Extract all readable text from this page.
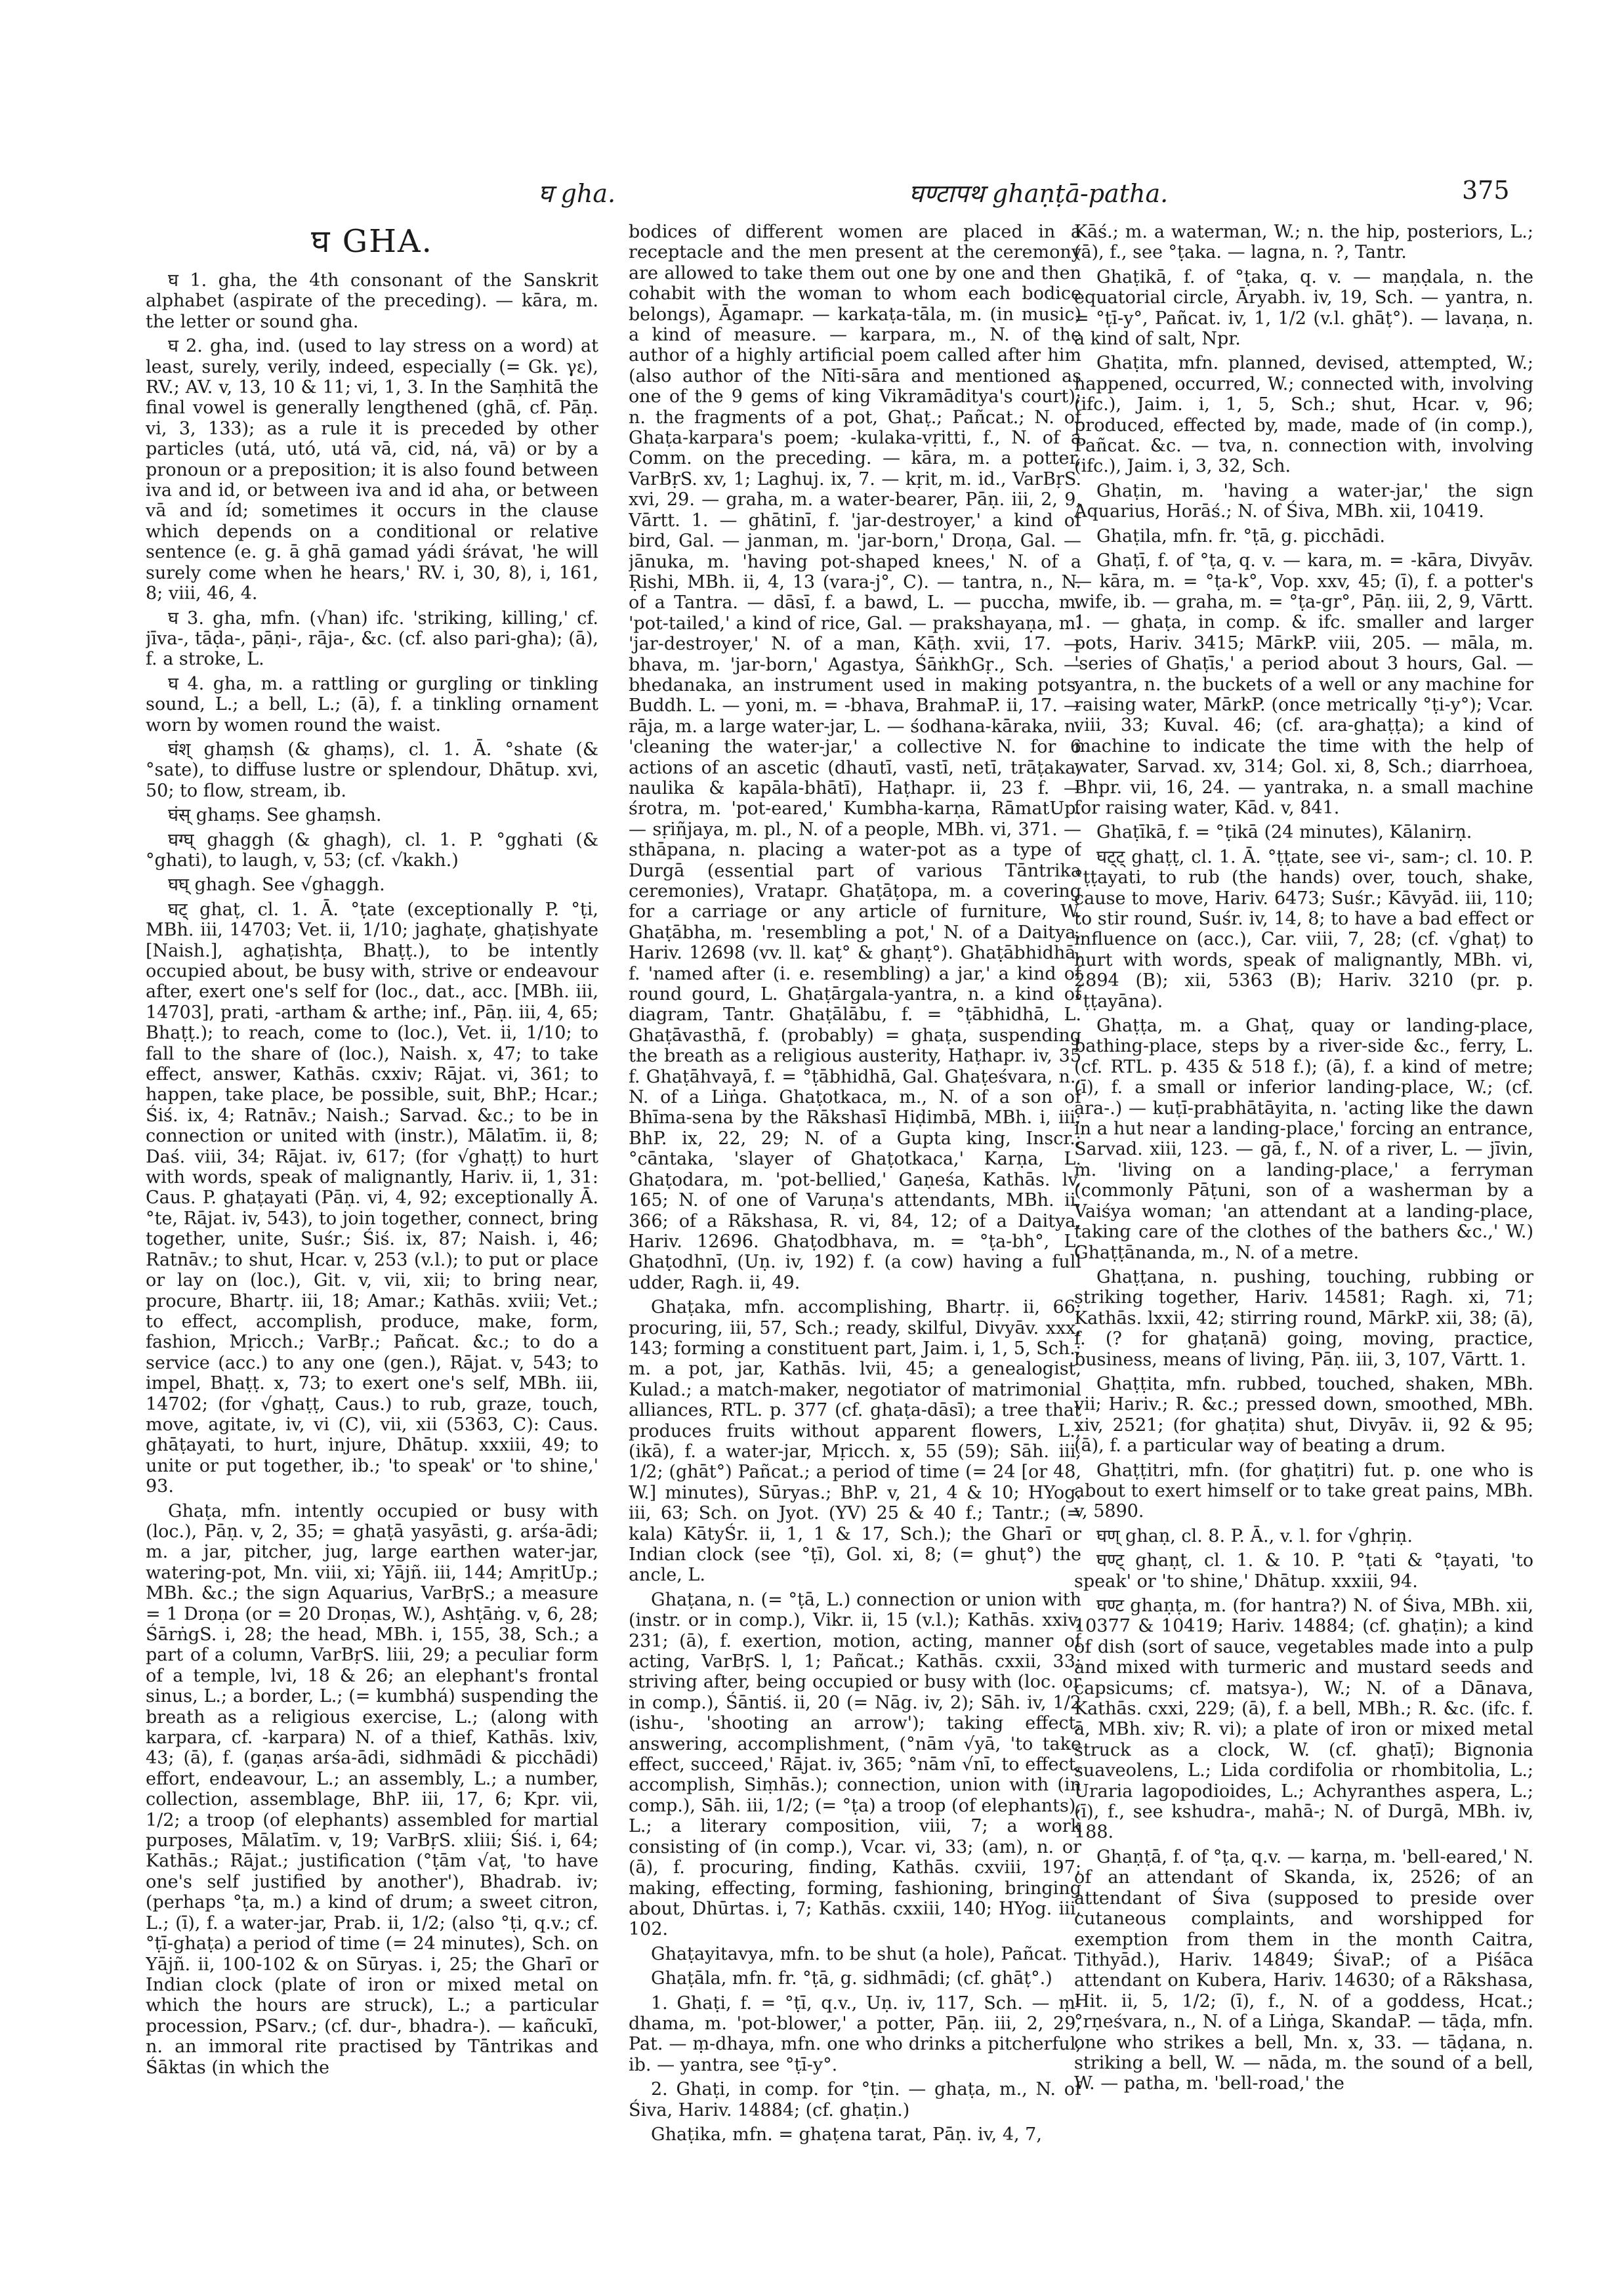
घ gha.	घण्टापथ ghaṇṭā-patha.	375
घ GHA.

घ 1. gha, the 4th consonant of the Sanskrit alphabet (aspirate of the preceding). — kāra, m. the letter or sound gha.

घ 2. gha, ind. (used to lay stress on a word) at least, surely, verily, indeed, especially (= Gk. γε), RV.; AV. v, 13, 10 & 11; vi, 1, 3. In the Saṃhitā the final vowel is generally lengthened (ghā, cf. Pāṇ. vi, 3, 133); as a rule it is preceded by other particles (utá, utó, utá vā, cid, ná, vā) or by a pronoun or a preposition; it is also found between iva and id, or between iva and id aha, or between vā and íd; sometimes it occurs in the clause which depends on a conditional or relative sentence (e. g. ā ghā gamad yádi śrávat, 'he will surely come when he hears,' RV. i, 30, 8), i, 161, 8; viii, 46, 4.

घ 3. gha, mfn. (√han) ifc. 'striking, killing,' cf. jīva-, tāḍa-, pāṇi-, rāja-, &c. (cf. also pari-gha); (ā), f. a stroke, L.

घ 4. gha, m. a rattling or gurgling or tinkling sound, L.; a bell, L.; (ā), f. a tinkling ornament worn by women round the waist.

घंश् ghaṃsh (& ghaṃs), cl. 1. Ā. °shate (& °sate), to diffuse lustre or splendour, Dhātup. xvi, 50; to flow, stream, ib.

घंस् ghaṃs. See ghaṃsh.

घग्घ् ghaggh (& ghagh), cl. 1. P. °gghati (& °ghati), to laugh, v, 53; (cf. √kakh.)

घघ् ghagh. See √ghaggh.

घट् ghaṭ, cl. 1. Ā. °ṭate (exceptionally P. °ṭi, MBh. iii, 14703; Vet. ii, 1/10; jaghaṭe, ghaṭishyate [Naish.], aghaṭishṭa, Bhaṭṭ.), to be intently occupied about, be busy with, strive or endeavour after, exert one's self for (loc., dat., acc. [MBh. iii, 14703], prati, -artham & arthe; inf., Pāṇ. iii, 4, 65; Bhaṭṭ.); to reach, come to (loc.), Vet. ii, 1/10; to fall to the share of (loc.), Naish. x, 47; to take effect, answer, Kathās. cxxiv; Rājat. vi, 361; to happen, take place, be possible, suit, BhP.; Hcar.; Śiś. ix, 4; Ratnāv.; Naish.; Sarvad. &c.; to be in connection or united with (instr.), Mālatīm. ii, 8; Daś. viii, 34; Rājat. iv, 617; (for √ghaṭṭ) to hurt with words, speak of malignantly, Hariv. ii, 1, 31: Caus. P. ghaṭayati (Pāṇ. vi, 4, 92; exceptionally Ā. °te, Rājat. iv, 543), to join together, connect, bring together, unite, Suśr.; Śiś. ix, 87; Naish. i, 46; Ratnāv.; to shut, Hcar. v, 253 (v.l.); to put or place or lay on (loc.), Git. v, vii, xii; to bring near, procure, Bhartṛ. iii, 18; Amar.; Kathās. xviii; Vet.; to effect, accomplish, produce, make, form, fashion, Mṛicch.; VarBṛ.; Pañcat. &c.; to do a service (acc.) to any one (gen.), Rājat. v, 543; to impel, Bhaṭṭ. x, 73; to exert one's self, MBh. iii, 14702; (for √ghaṭṭ, Caus.) to rub, graze, touch, move, agitate, iv, vi (C), vii, xii (5363, C): Caus. ghāṭayati, to hurt, injure, Dhātup. xxxiii, 49; to unite or put together, ib.; 'to speak' or 'to shine,' 93.

Ghaṭa, mfn. intently occupied or busy with (loc.), Pāṇ. v, 2, 35; = ghaṭā yasyāsti, g. arśa-ādi; m. a jar, pitcher, jug, large earthen water-jar, watering-pot, Mn. viii, xi; Yājñ. iii, 144; AmṛitUp.; MBh. &c.; the sign Aquarius, VarBṛS.; a measure = 1 Droṇa (or = 20 Droṇas, W.), Ashṭāṅg. v, 6, 28; ŚārṅgS. i, 28; the head, MBh. i, 155, 38, Sch.; a part of a column, VarBṛS. liii, 29; a peculiar form of a temple, lvi, 18 & 26; an elephant's frontal sinus, L.; a border, L.; (= kumbhá) suspending the breath as a religious exercise, L.; (along with karpara, cf. -karpara) N. of a thief, Kathās. lxiv, 43; (ā), f. (gaṇas arśa-ādi, sidhmādi & picchādi) effort, endeavour, L.; an assembly, L.; a number, collection, assemblage, BhP. iii, 17, 6; Kpr. vii, 1/2; a troop (of elephants) assembled for martial purposes, Mālatīm. v, 19; VarBṛS. xliii; Śiś. i, 64; Kathās.; Rājat.; justification (°ṭām √aṭ, 'to have one's self justified by another'), Bhadrab. iv; (perhaps °ṭa, m.) a kind of drum; a sweet citron, L.; (ī), f. a water-jar, Prab. ii, 1/2; (also °ṭi, q.v.; cf. °ṭī-ghaṭa) a period of time (= 24 minutes), Sch. on Yājñ. ii, 100-102 & on Sūryas. i, 25; the Gharī or Indian clock (plate of iron or mixed metal on which the hours are struck), L.; a particular procession, PSarv.; (cf. dur-, bhadra-). — kañcukī, n. an immoral rite practised by Tāntrikas and Śāktas (in which the

bodices of different women are placed in a receptacle and the men present at the ceremony are allowed to take them out one by one and then cohabit with the woman to whom each bodice belongs), Āgamapr. — karkaṭa-tāla, m. (in music) a kind of measure. — karpara, m., N. of the author of a highly artificial poem called after him (also author of the Nīti-sāra and mentioned as one of the 9 gems of king Vikramāditya's court); n. the fragments of a pot, Ghaṭ.; Pañcat.; N. of Ghaṭa-karpara's poem; -kulaka-vṛitti, f., N. of a Comm. on the preceding. — kāra, m. a potter, VarBṛS. xv, 1; Laghuj. ix, 7. — kṛit, m. id., VarBṛS. xvi, 29. — graha, m. a water-bearer, Pāṇ. iii, 2, 9, Vārtt. 1. — ghātinī, f. 'jar-destroyer,' a kind of bird, Gal. — janman, m. 'jar-born,' Droṇa, Gal. — jānuka, m. 'having pot-shaped knees,' N. of a Ṛishi, MBh. ii, 4, 13 (vara-j°, C). — tantra, n., N. of a Tantra. — dāsī, f. a bawd, L. — puccha, m. 'pot-tailed,' a kind of rice, Gal. — prakshayaṇa, m. 'jar-destroyer,' N. of a man, Kāṭh. xvii, 17. — bhava, m. 'jar-born,' Agastya, ŚāṅkhGṛ., Sch. — bhedanaka, an instrument used in making pots, Buddh. L. — yoni, m. = -bhava, BrahmaP. ii, 17. — rāja, m. a large water-jar, L. — śodhana-kāraka, n. 'cleaning the water-jar,' a collective N. for 6 actions of an ascetic (dhautī, vastī, netī, trāṭaka, naulika & kapāla-bhātī), Haṭhapr. ii, 23 f. — śrotra, m. 'pot-eared,' Kumbha-karṇa, RāmatUp. — sṛiñjaya, m. pl., N. of a people, MBh. vi, 371. — sthāpana, n. placing a water-pot as a type of Durgā (essential part of various Tāntrika ceremonies), Vratapr. Ghaṭāṭopa, m. a covering for a carriage or any article of furniture, W. Ghaṭābha, m. 'resembling a pot,' N. of a Daitya, Hariv. 12698 (vv. ll. kaṭ° & ghaṇṭ°). Ghaṭābhidhā, f. 'named after (i. e. resembling) a jar,' a kind of round gourd, L. Ghaṭārgala-yantra, n. a kind of diagram, Tantr. Ghaṭālābu, f. = °ṭābhidhā, L. Ghaṭāvasthā, f. (probably) = ghaṭa, suspending the breath as a religious austerity, Haṭhapr. iv, 35 f. Ghaṭāhvayā, f. = °ṭābhidhā, Gal. Ghaṭeśvara, n., N. of a Liṅga. Ghaṭotkaca, m., N. of a son of Bhīma-sena by the Rākshasī Hiḍimbā, MBh. i, iii; BhP. ix, 22, 29; N. of a Gupta king, Inscr.; °cāntaka, 'slayer of Ghaṭotkaca,' Karṇa, L. Ghaṭodara, m. 'pot-bellied,' Gaṇeśa, Kathās. lv, 165; N. of one of Varuṇa's attendants, MBh. ii, 366; of a Rākshasa, R. vi, 84, 12; of a Daitya, Hariv. 12696. Ghaṭodbhava, m. = °ṭa-bh°, L. Ghaṭodhnī, (Uṇ. iv, 192) f. (a cow) having a full udder, Ragh. ii, 49.

Ghaṭaka, mfn. accomplishing, Bhartṛ. ii, 66; procuring, iii, 57, Sch.; ready, skilful, Divyāv. xxx, 143; forming a constituent part, Jaim. i, 1, 5, Sch.; m. a pot, jar, Kathās. lvii, 45; a genealogist, Kulad.; a match-maker, negotiator of matrimonial alliances, RTL. p. 377 (cf. ghaṭa-dāsī); a tree that produces fruits without apparent flowers, L.; (ikā), f. a water-jar, Mṛicch. x, 55 (59); Sāh. iii, 1/2; (ghāt°) Pañcat.; a period of time (= 24 [or 48, W.] minutes), Sūryas.; BhP. v, 21, 4 & 10; HYog. iii, 63; Sch. on Jyot. (YV) 25 & 40 f.; Tantr.; (= kala) KātyŚr. ii, 1, 1 & 17, Sch.); the Gharī or Indian clock (see °ṭī), Gol. xi, 8; (= ghuṭ°) the ancle, L.

Ghaṭana, n. (= °ṭā, L.) connection or union with (instr. or in comp.), Vikr. ii, 15 (v.l.); Kathās. xxiv, 231; (ā), f. exertion, motion, acting, manner of acting, VarBṛS. l, 1; Pañcat.; Kathās. cxxii, 33; striving after, being occupied or busy with (loc. or in comp.), Śāntiś. ii, 20 (= Nāg. iv, 2); Sāh. iv, 1/2 (ishu-, 'shooting an arrow'); taking effect, answering, accomplishment, (°nām √yā, 'to take effect, succeed,' Rājat. iv, 365; °nām √nī, to effect, accomplish, Siṃhās.); connection, union with (in comp.), Sāh. iii, 1/2; (= °ṭa) a troop (of elephants), L.; a literary composition, viii, 7; a work consisting of (in comp.), Vcar. vi, 33; (am), n. or (ā), f. procuring, finding, Kathās. cxviii, 197; making, effecting, forming, fashioning, bringing about, Dhūrtas. i, 7; Kathās. cxxiii, 140; HYog. iii, 102.

Ghaṭayitavya, mfn. to be shut (a hole), Pañcat.

Ghaṭāla, mfn. fr. °ṭā, g. sidhmādi; (cf. ghāṭ°.)

1. Ghaṭi, f. = °ṭī, q.v., Uṇ. iv, 117, Sch. — ṃ-dhama, m. 'pot-blower,' a potter, Pāṇ. iii, 2, 29, Pat. — ṃ-dhaya, mfn. one who drinks a pitcherful, ib. — yantra, see °ṭī-y°.

2. Ghaṭi, in comp. for °ṭin. — ghaṭa, m., N. of Śiva, Hariv. 14884; (cf. ghaṭin.)

Ghaṭika, mfn. = ghaṭena tarat, Pāṇ. iv, 4, 7,

Kāś.; m. a waterman, W.; n. the hip, posteriors, L.; (ā), f., see °ṭaka. — lagna, n. ?, Tantr.

Ghaṭikā, f. of °ṭaka, q. v. — maṇḍala, n. the equatorial circle, Āryabh. iv, 19, Sch. — yantra, n. = °ṭī-y°, Pañcat. iv, 1, 1/2 (v.l. ghāṭ°). — lavaṇa, n. a kind of salt, Npr.

Ghaṭita, mfn. planned, devised, attempted, W.; happened, occurred, W.; connected with, involving (ifc.), Jaim. i, 1, 5, Sch.; shut, Hcar. v, 96; produced, effected by, made, made of (in comp.), Pañcat. &c. — tva, n. connection with, involving (ifc.), Jaim. i, 3, 32, Sch.

Ghaṭin, m. 'having a water-jar,' the sign Aquarius, Horāś.; N. of Śiva, MBh. xii, 10419.

Ghaṭila, mfn. fr. °ṭā, g. picchādi.

Ghaṭī, f. of °ṭa, q. v. — kara, m. = -kāra, Divyāv. — kāra, m. = °ṭa-k°, Vop. xxv, 45; (ī), f. a potter's wife, ib. — graha, m. = °ṭa-gr°, Pāṇ. iii, 2, 9, Vārtt. 1. — ghaṭa, in comp. & ifc. smaller and larger pots, Hariv. 3415; MārkP. viii, 205. — māla, m. 'series of Ghaṭīs,' a period about 3 hours, Gal. — yantra, n. the buckets of a well or any machine for raising water, MārkP. (once metrically °ṭi-y°); Vcar. viii, 33; Kuval. 46; (cf. ara-ghaṭṭa); a kind of machine to indicate the time with the help of water, Sarvad. xv, 314; Gol. xi, 8, Sch.; diarrhoea, Bhpr. vii, 16, 24. — yantraka, n. a small machine for raising water, Kād. v, 841.

Ghaṭīkā, f. = °ṭikā (24 minutes), Kālanirṇ.

घट्ट् ghaṭṭ, cl. 1. Ā. °ṭṭate, see vi-, sam-; cl. 10. P. °ṭṭayati, to rub (the hands) over, touch, shake, cause to move, Hariv. 6473; Suśr.; Kāvyād. iii, 110; to stir round, Suśr. iv, 14, 8; to have a bad effect or influence on (acc.), Car. viii, 7, 28; (cf. √ghaṭ) to hurt with words, speak of malignantly, MBh. vi, 2894 (B); xii, 5363 (B); Hariv. 3210 (pr. p. °ṭṭayāna).

Ghaṭṭa, m. a Ghaṭ, quay or landing-place, bathing-place, steps by a river-side &c., ferry, L. (cf. RTL. p. 435 & 518 f.); (ā), f. a kind of metre; (ī), f. a small or inferior landing-place, W.; (cf. ara-.) — kuṭī-prabhātāyita, n. 'acting like the dawn in a hut near a landing-place,' forcing an entrance, Sarvad. xiii, 123. — gā, f., N. of a river, L. — jīvin, m. 'living on a landing-place,' a ferryman (commonly Pāṭuni, son of a washerman by a Vaiśya woman; 'an attendant at a landing-place, taking care of the clothes of the bathers &c.,' W.) Ghaṭṭānanda, m., N. of a metre.

Ghaṭṭana, n. pushing, touching, rubbing or striking together, Hariv. 14581; Ragh. xi, 71; Kathās. lxxii, 42; stirring round, MārkP. xii, 38; (ā), f. (? for ghaṭanā) going, moving, practice, business, means of living, Pāṇ. iii, 3, 107, Vārtt. 1.

Ghaṭṭita, mfn. rubbed, touched, shaken, MBh. vii; Hariv.; R. &c.; pressed down, smoothed, MBh. xiv, 2521; (for ghaṭita) shut, Divyāv. ii, 92 & 95; (ā), f. a particular way of beating a drum.

Ghaṭṭitri, mfn. (for ghaṭitri) fut. p. one who is about to exert himself or to take great pains, MBh. v, 5890.

घण् ghaṇ, cl. 8. P. Ā., v. l. for √ghṛiṇ.

घण्ट् ghaṇṭ, cl. 1. & 10. P. °ṭati & °ṭayati, 'to speak' or 'to shine,' Dhātup. xxxiii, 94.

घण्ट ghaṇṭa, m. (for hantra?) N. of Śiva, MBh. xii, 10377 & 10419; Hariv. 14884; (cf. ghaṭin); a kind of dish (sort of sauce, vegetables made into a pulp and mixed with turmeric and mustard seeds and capsicums; cf. matsya-), W.; N. of a Dānava, Kathās. cxxi, 229; (ā), f. a bell, MBh.; R. &c. (ifc. f. ā, MBh. xiv; R. vi); a plate of iron or mixed metal struck as a clock, W. (cf. ghaṭī); Bignonia suaveolens, L.; Lida cordifolia or rhombitolia, L.; Uraria lagopodioides, L.; Achyranthes aspera, L.; (ī), f., see kshudra-, mahā-; N. of Durgā, MBh. iv, 188.

Ghaṇṭā, f. of °ṭa, q.v. — karṇa, m. 'bell-eared,' N. of an attendant of Skanda, ix, 2526; of an attendant of Śiva (supposed to preside over cutaneous complaints, and worshipped for exemption from them in the month Caitra, Tithyād.), Hariv. 14849; ŚivaP.; of a Piśāca attendant on Kubera, Hariv. 14630; of a Rākshasa, Hit. ii, 5, 1/2; (ī), f., N. of a goddess, Hcat.; °rṇeśvara, n., N. of a Liṅga, SkandaP. — tāḍa, mfn. one who strikes a bell, Mn. x, 33. — tāḍana, n. striking a bell, W. — nāda, m. the sound of a bell, W. — patha, m. 'bell-road,' the
